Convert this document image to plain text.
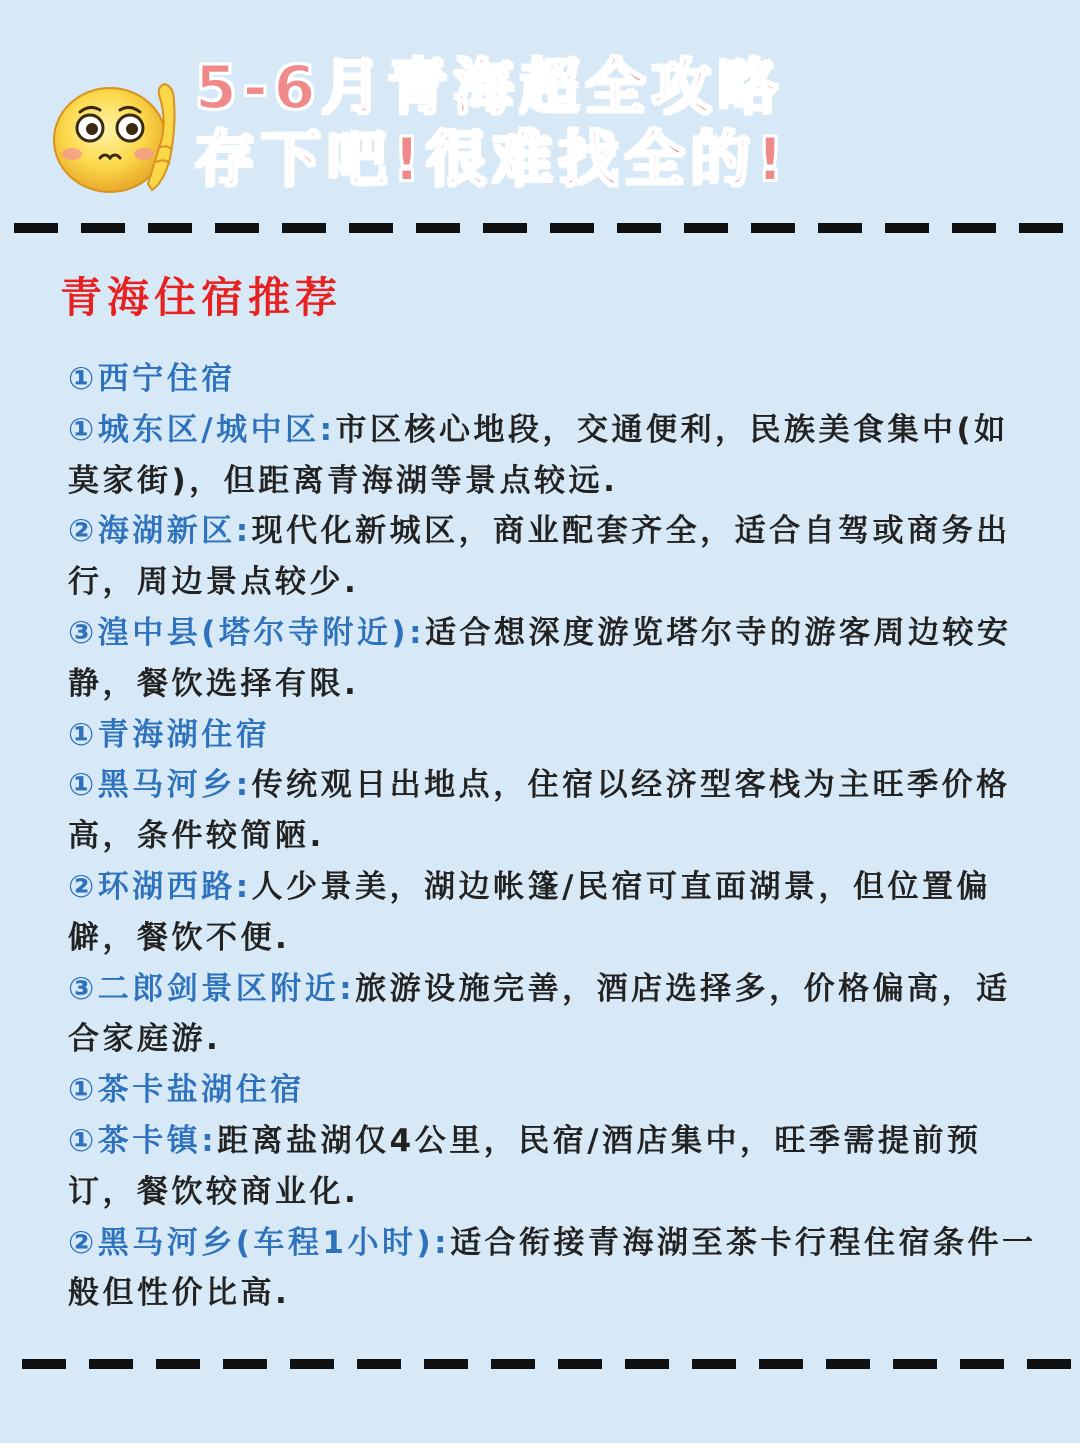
5-6月青海超全攻略
存下吧!很难找全的!
青海住宿推荐

①西宁住宿

①城东区/城中区:市区核心地段，交通便利，民族美食集中(如莫家街)，但距离青海湖等景点较远.

②海湖新区:现代化新城区，商业配套齐全，适合自驾或商务出行，周边景点较少.

③湟中县(塔尔寺附近):适合想深度游览塔尔寺的游客周边较安静，餐饮选择有限.

①青海湖住宿

①黑马河乡:传统观日出地点，住宿以经济型客栈为主旺季价格高，条件较简陋.

②环湖西路:人少景美，湖边帐篷/民宿可直面湖景，但位置偏僻，餐饮不便.

③二郎剑景区附近:旅游设施完善，酒店选择多，价格偏高，适合家庭游.

①茶卡盐湖住宿

①茶卡镇:距离盐湖仅4公里，民宿/酒店集中，旺季需提前预订，餐饮较商业化.

②黑马河乡(车程1小时):适合衔接青海湖至茶卡行程住宿条件一般但性价比高.
